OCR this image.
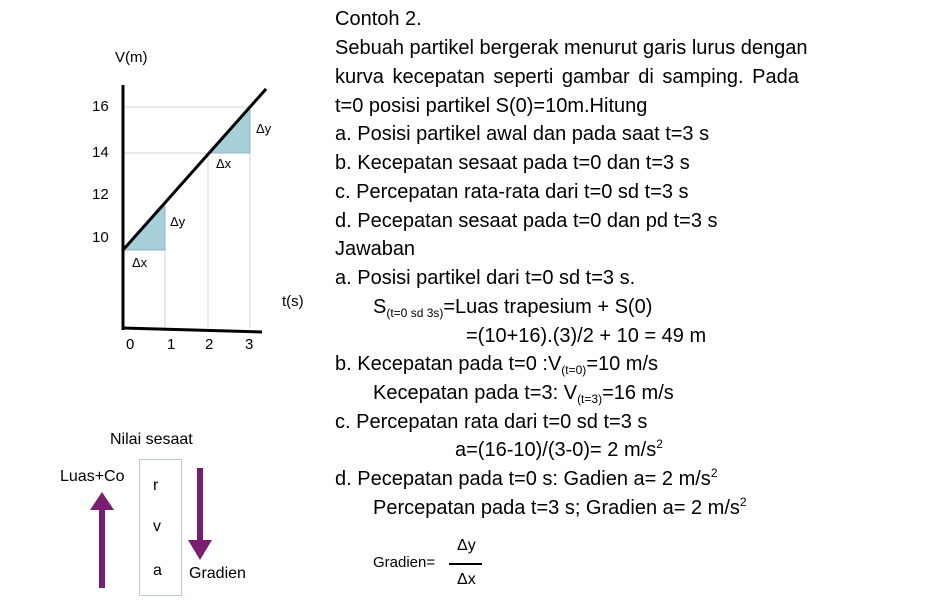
V(m)
t(s)
16
14
12
10
0 1 2 3
Δy
Δx
Δy
Δx
Nilai sesaat
Luas+Co
r
v
a Gradien
Contoh 2.
Sebuah partikel bergerak menurut garis lurus dengan
kurva kecepatan seperti gambar di samping. Pada
t=0 posisi partikel S(0)=10m.Hitung
a. Posisi partikel awal dan pada saat t=3 s
b. Kecepatan sesaat pada t=0 dan t=3 s
c. Percepatan rata-rata dari t=0 sd t=3 s
d. Pecepatan sesaat pada t=0 dan pd t=3 s
Jawaban
a. Posisi partikel dari t=0 sd t=3 s.
$S_{(t=0 sd 3s)}=Luas$ trapesium + S(0)
=(10+16).(3)/2 + 10 = 49 m
b. Kecepatan pada t=0 $:V_{(t=0)}=10$ m/s
Kecepatan pada t=3: $V_{(t=3)}=16$ m/s
c. Percepatan rata dari t=0 sd t=3 s
a=(16-10)/(3-0)= 2 $m/s^2$
d. Pecepatan pada t=0 s: Gadien a= 2 $m/s^2$
Percepatan pada t=3 s; Gradien a= 2 $m/s^2$
Gradien=
Δy
Δx
